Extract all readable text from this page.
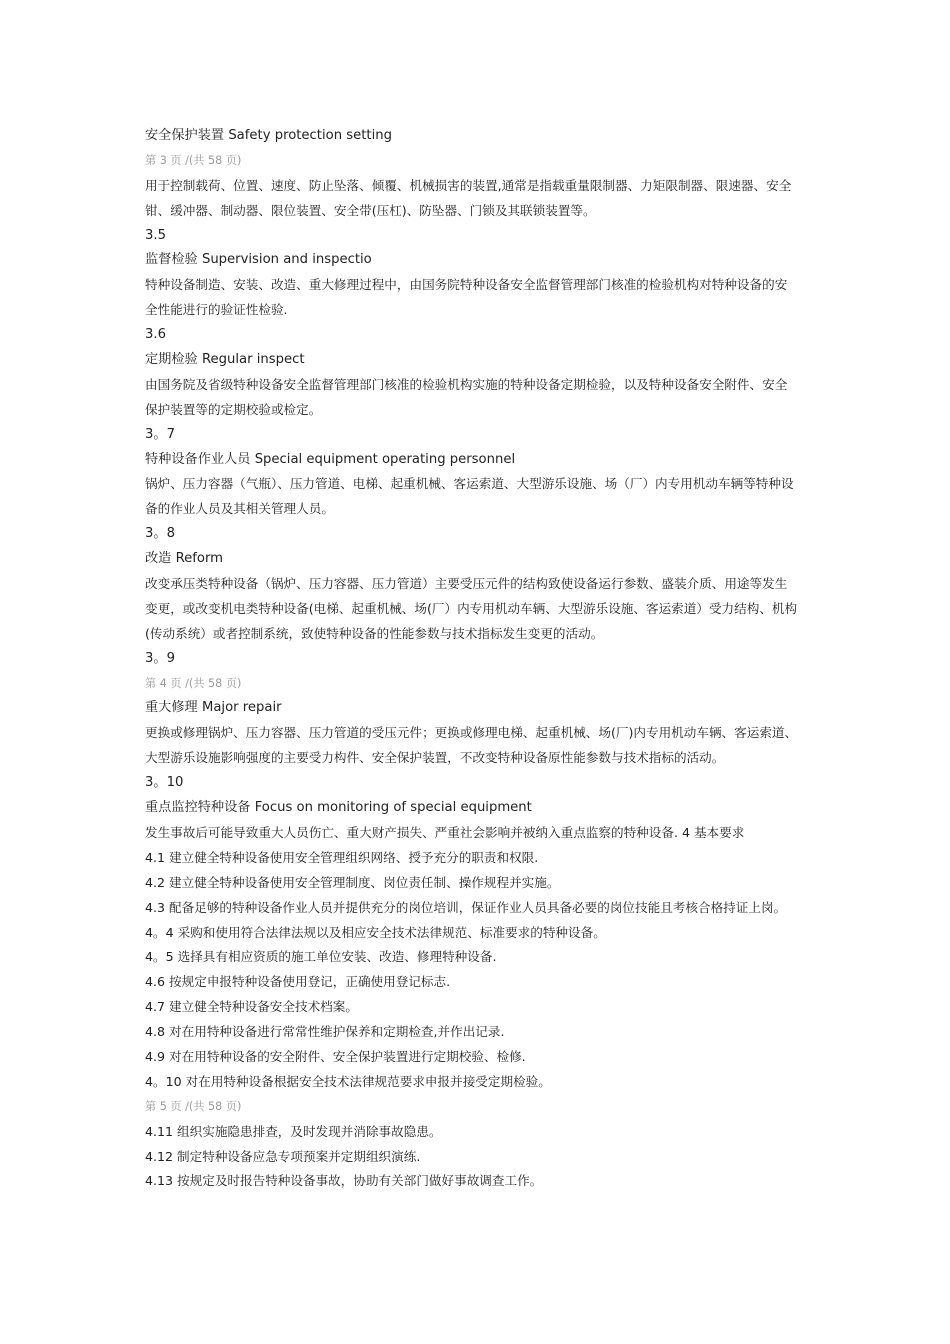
安全保护装置 Safety protection setting
第 3 页 /(共 58 页)
用于控制载荷、位置、速度、防止坠落、倾覆、机械损害的装置,通常是指载重量限制器、力矩限制器、限速器、安全
钳、缓冲器、制动器、限位装置、安全带(压杠)、防坠器、门锁及其联锁装置等。
3.5
监督检验 Supervision and inspectio
特种设备制造、安装、改造、重大修理过程中，由国务院特种设备安全监督管理部门核准的检验机构对特种设备的安
全性能进行的验证性检验.
3.6
定期检验 Regular inspect
由国务院及省级特种设备安全监督管理部门核准的检验机构实施的特种设备定期检验，以及特种设备安全附件、安全
保护装置等的定期校验或检定。
3。7
特种设备作业人员 Special equipment operating personnel
锅炉、压力容器（气瓶）、压力管道、电梯、起重机械、客运索道、大型游乐设施、场（厂）内专用机动车辆等特种设
备的作业人员及其相关管理人员。
3。8
改造 Reform
改变承压类特种设备（锅炉、压力容器、压力管道）主要受压元件的结构致使设备运行参数、盛装介质、用途等发生
变更，或改变机电类特种设备(电梯、起重机械、场(厂）内专用机动车辆、大型游乐设施、客运索道）受力结构、机构
(传动系统）或者控制系统，致使特种设备的性能参数与技术指标发生变更的活动。
3。9
第 4 页 /(共 58 页)
重大修理 Major repair
更换或修理锅炉、压力容器、压力管道的受压元件；更换或修理电梯、起重机械、场(厂)内专用机动车辆、客运索道、
大型游乐设施影响强度的主要受力构件、安全保护装置，不改变特种设备原性能参数与技术指标的活动。
3。10
重点监控特种设备 Focus on monitoring of special equipment
发生事故后可能导致重大人员伤亡、重大财产损失、严重社会影响并被纳入重点监察的特种设备. 4 基本要求
4.1 建立健全特种设备使用安全管理组织网络、授予充分的职责和权限.
4.2 建立健全特种设备使用安全管理制度、岗位责任制、操作规程并实施。
4.3 配备足够的特种设备作业人员并提供充分的岗位培训，保证作业人员具备必要的岗位技能且考核合格持证上岗。
4。4 采购和使用符合法律法规以及相应安全技术法律规范、标准要求的特种设备。
4。5 选择具有相应资质的施工单位安装、改造、修理特种设备.
4.6 按规定申报特种设备使用登记，正确使用登记标志.
4.7 建立健全特种设备安全技术档案。
4.8 对在用特种设备进行常常性维护保养和定期检查,并作出记录.
4.9 对在用特种设备的安全附件、安全保护装置进行定期校验、检修.
4。10 对在用特种设备根据安全技术法律规范要求申报并接受定期检验。
第 5 页 /(共 58 页)
4.11 组织实施隐患排查，及时发现并消除事故隐患。
4.12 制定特种设备应急专项预案并定期组织演练.
4.13 按规定及时报告特种设备事故，协助有关部门做好事故调查工作。
